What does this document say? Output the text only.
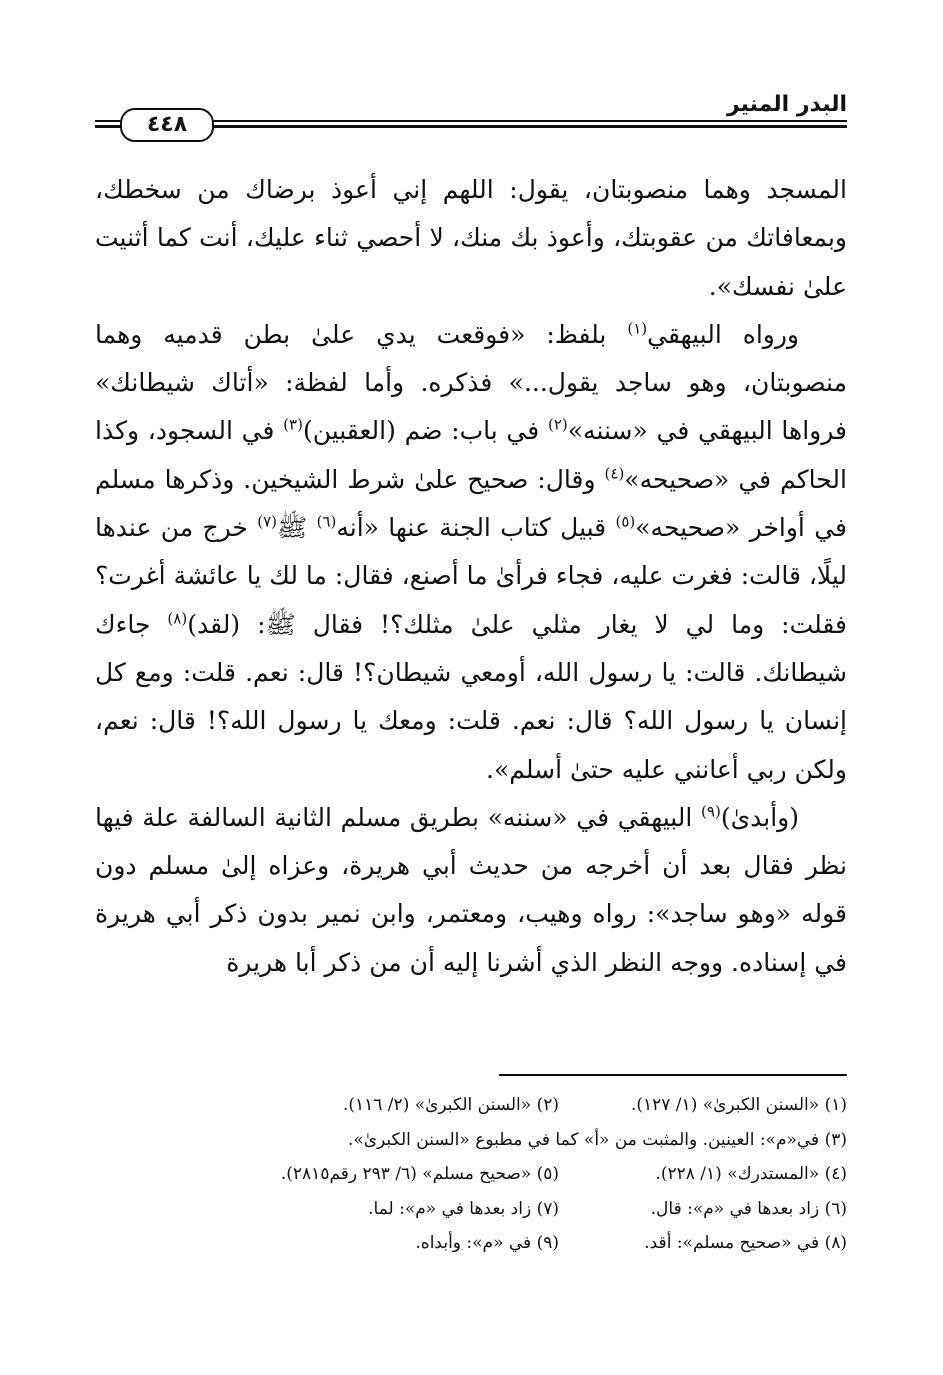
البدر المنير
٤٤٨

المسجد وهما منصوبتان، يقول: اللهم إني أعوذ برضاك من سخطك، وبمعافاتك من عقوبتك، وأعوذ بك منك، لا أحصي ثناء عليك، أنت كما أثنيت علىٰ نفسك».

ورواه البيهقي$^{(١)}$ بلفظ: «فوقعت يدي علىٰ بطن قدميه وهما منصوبتان، وهو ساجد يقول...» فذكره. وأما لفظة: «أتاك شيطانك» فرواها البيهقي في «سننه»$^{(٢)}$ في باب: ضم (العقبين)$^{(٣)}$ في السجود، وكذا الحاكم في «صحيحه»$^{(٤)}$ وقال: صحيح علىٰ شرط الشيخين. وذكرها مسلم في أواخر «صحيحه»$^{(٥)}$ قبيل كتاب الجنة عنها «أنه$^{(٦)}$ ﷺ$^{(٧)}$ خرج من عندها ليلًا، قالت: فغرت عليه، فجاء فرأىٰ ما أصنع، فقال: ما لك يا عائشة أغرت؟ فقلت: وما لي لا يغار مثلي علىٰ مثلك؟! فقال ﷺ: (لقد)$^{(٨)}$ جاءك شيطانك. قالت: يا رسول الله، أومعي شيطان؟! قال: نعم. قلت: ومع كل إنسان يا رسول الله؟ قال: نعم. قلت: ومعك يا رسول الله؟! قال: نعم، ولكن ربي أعانني عليه حتىٰ أسلم».

(وأبدىٰ)$^{(٩)}$ البيهقي في «سننه» بطريق مسلم الثانية السالفة علة فيها نظر فقال بعد أن أخرجه من حديث أبي هريرة، وعزاه إلىٰ مسلم دون قوله «وهو ساجد»: رواه وهيب، ومعتمر، وابن نمير بدون ذكر أبي هريرة في إسناده. ووجه النظر الذي أشرنا إليه أن من ذكر أبا هريرة

(١) «السنن الكبرىٰ» (١/ ١٢٧).
(٢) «السنن الكبرىٰ» (٢/ ١١٦).
(٣) في«م»: العينين. والمثبت من «أ» كما في مطبوع «السنن الكبرىٰ».
(٤) «المستدرك» (١/ ٢٢٨).
(٥) «صحيح مسلم» (٦/ ٢٩٣ رقم٢٨١٥).
(٦) زاد بعدها في «م»: قال.
(٧) زاد بعدها في «م»: لما.
(٨) في «صحيح مسلم»: أقد.
(٩) في «م»: وأبداه.
